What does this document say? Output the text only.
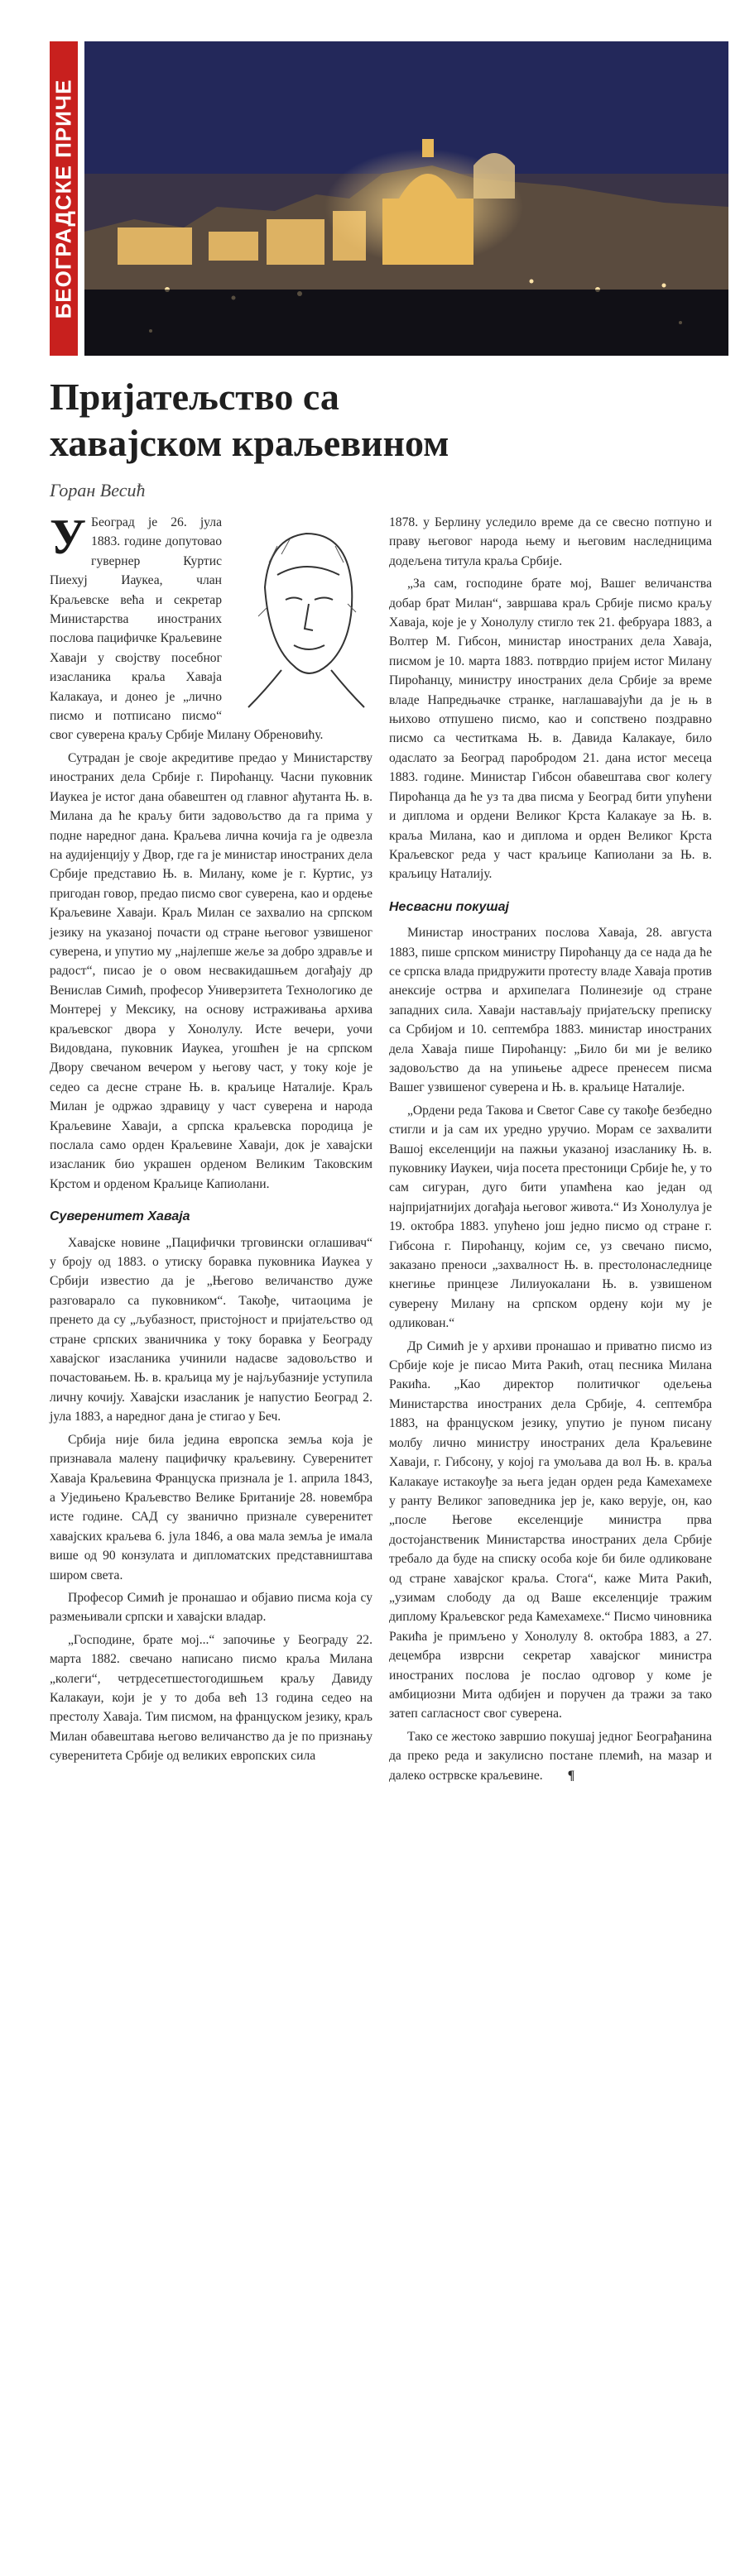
БЕОГРАДСКЕ ПРИЧЕ
Пријатељство са
хавајском краљевином
Горан Весић

У Београд је 26. јула 1883. године допутовао гувернер Куртис Пиехуј Иаукеа, члан Краљевске већа и секретар Министарства иностраних послова пацифичке Краљевине Хаваји у својству посебног изасланика краља Хаваја Калакауа, и донео је „лично писмо и потписано писмо“ свог суверена краљу Србије Милану Обреновићу.

Сутрадан је своје акредитиве предао у Министарству иностраних дела Србије г. Пироћанцу. Часни пуковник Иаукеа је истог дана обавештен од главног ађутанта Њ. в. Милана да ће краљу бити задовољство да га прима у подне наредног дана. Краљева лична кочија га је одвезла на аудијенцију у Двор, где га је министар иностраних дела Србије представио Њ. в. Милану, коме је г. Куртис, уз пригодан говор, предао писмо свог суверена, као и ордење Краљевине Хаваји. Краљ Милан се захвалио на српском језику на указаној почасти од стране његовог узвишеног суверена, и упутио му „најлепше жеље за добро здравље и радост“, писао је о овом несвакидашњем догађају др Венислав Симић, професор Универзитета Технологико де Монтереј у Мексику, на основу истраживања архива краљевског двора у Хонолулу. Исте вечери, уочи Видовдана, пуковник Иаукеа, угошћен је на српском Двору свечаном вечером у његову част, у току које је седео са десне стране Њ. в. краљице Наталије. Краљ Милан је одржао здравицу у част суверена и народа Краљевине Хаваји, а српска краљевска породица је послала само орден Краљевине Хаваји, док је хавајски изасланик био украшен орденом Великим Таковским Крстом и орденом Краљице Капиолани.

Суверенитет Хаваја

Хавајске новине „Пацифички трговински оглашивач“ у броју од 1883. о утиску боравка пуковника Иаукеа у Србији известио да је „Његово величанство дуже разговарало са пуковником“. Такође, читаоцима је пренето да су „љубазност, пристојност и пријатељство од стране српских званичника у току боравка у Београду хавајског изасланика учинили надасве задовољство и почастовањем. Њ. в. краљица му је најљубазније уступила личну кочију. Хавајски изасланик је напустио Београд 2. јула 1883, а наредног дана је стигао у Беч.

Србија није била једина европска земља која је признавала малену пацифичку краљевину. Суверенитет Хаваја Краљевина Француска признала је 1. априла 1843, а Уједињено Краљевство Велике Британије 28. новембра исте године. САД су званично признале суверенитет хавајских краљева 6. јула 1846, а ова мала земља је имала више од 90 конзулата и дипломатских представништава широм света.

Професор Симић је пронашао и објавио писма која су размењивали српски и хавајски владар.

„Господине, брате мој...“ започиње у Београду 22. марта 1882. свечано написано писмо краља Милана „колеги“, четрдесетшестогодишњем краљу Давиду Калакауи, који је у то доба већ 13 година седео на престолу Хаваја. Тим писмом, на француском језику, краљ Милан обавештава његово величанство да је по признању суверенитета Србије од великих европских сила

1878. у Берлину уследило време да се свесно потпуно и праву његовог народа њему и његовим наследницима додељена титула краља Србије.

„За сам, господине брате мој, Вашег величанства добар брат Милан“, завршава краљ Србије писмо краљу Хаваја, које је у Хонолулу стигло тек 21. фебруара 1883, а Волтер М. Гибсон, министар иностраних дела Хаваја, писмом је 10. марта 1883. потврдио пријем истог Милану Пироћанцу, министру иностраних дела Србије за време владе Напредњачке странке, наглашавајући да је њ в њихово отпушено писмо, као и сопствено поздравно писмо са честиткама Њ. в. Давида Калакауе, било одаслато за Београд паробродом 21. дана истог месеца 1883. године. Министар Гибсон обавештава свог колегу Пироћанца да ће уз та два писма у Београд бити упућени и диплома и ордени Великог Крста Калакауе за Њ. в. краља Милана, као и диплома и орден Великог Крста Краљевског реда у част краљице Капиолани за Њ. в. краљицу Наталију.

Несвасни покушај

Министар иностраних послова Хаваја, 28. августа 1883, пише српском министру Пироћанцу да се нада да ће се српска влада придружити протесту владе Хаваја против анексије острва и архипелага Полинезије од стране западних сила. Хаваји настављају пријатељску преписку са Србијом и 10. септембра 1883. министар иностраних дела Хаваја пише Пироћанцу: „Било би ми је велико задовољство да на упињење адресе пренесем писма Вашег узвишеног суверена и Њ. в. краљице Наталије.

„Ордени реда Такова и Светог Саве су такође безбедно стигли и ја сам их уредно уручио. Морам се захвалити Вашој екселенцији на пажњи указаној изасланику Њ. в. пуковнику Иаукеи, чија посета престоници Србије ће, у то сам сигуран, дуго бити упамћена као један од најпријатнијих догађаја његовог живота.“ Из Хонолулуа је 19. октобра 1883. упућено још једно писмо од стране г. Гибсона г. Пироћанцу, којим се, уз свечано писмо, заказано преноси „захвалност Њ. в. престолонаследнице кнегиње принцезе Лилиуокалани Њ. в. узвишеном суверену Милану на српском ордену који му је одликован.“

Др Симић је у архиви пронашао и приватно писмо из Србије које је писао Мита Ракић, отац песника Милана Ракића. „Као директор политичког одељења Министарства иностраних дела Србије, 4. септембра 1883, на француском језику, упутио је пуном писану молбу лично министру иностраних дела Краљевине Хаваји, г. Гибсону, у којој га умољава да вол Њ. в. краља Калакауе истакоуђе за њега један орден реда Камехамехе у ранту Великог заповедника јер је, како верује, он, као „после Његове екселенције министра прва достојанственик Министарства иностраних дела Србије требало да буде на списку особа које би биле одликоване од стране хавајског краља. Стога“, каже Мита Ракић, „узимам слободу да од Ваше екселенције тражим диплому Краљевског реда Камехамехе.“ Писмо чиновника Ракића је примљено у Хонолулу 8. октобра 1883, а 27. децембра изврсни секретар хавајског министра иностраних послова је послао одговор у коме је амбициозни Мита одбијен и поручен да тражи за тако затеп сагласност свог суверена.

Тако се жестоко завршио покушај једног Београђанина да преко реда и закулисно постане племић, на мазар и далеко острвске краљевине. ¶
